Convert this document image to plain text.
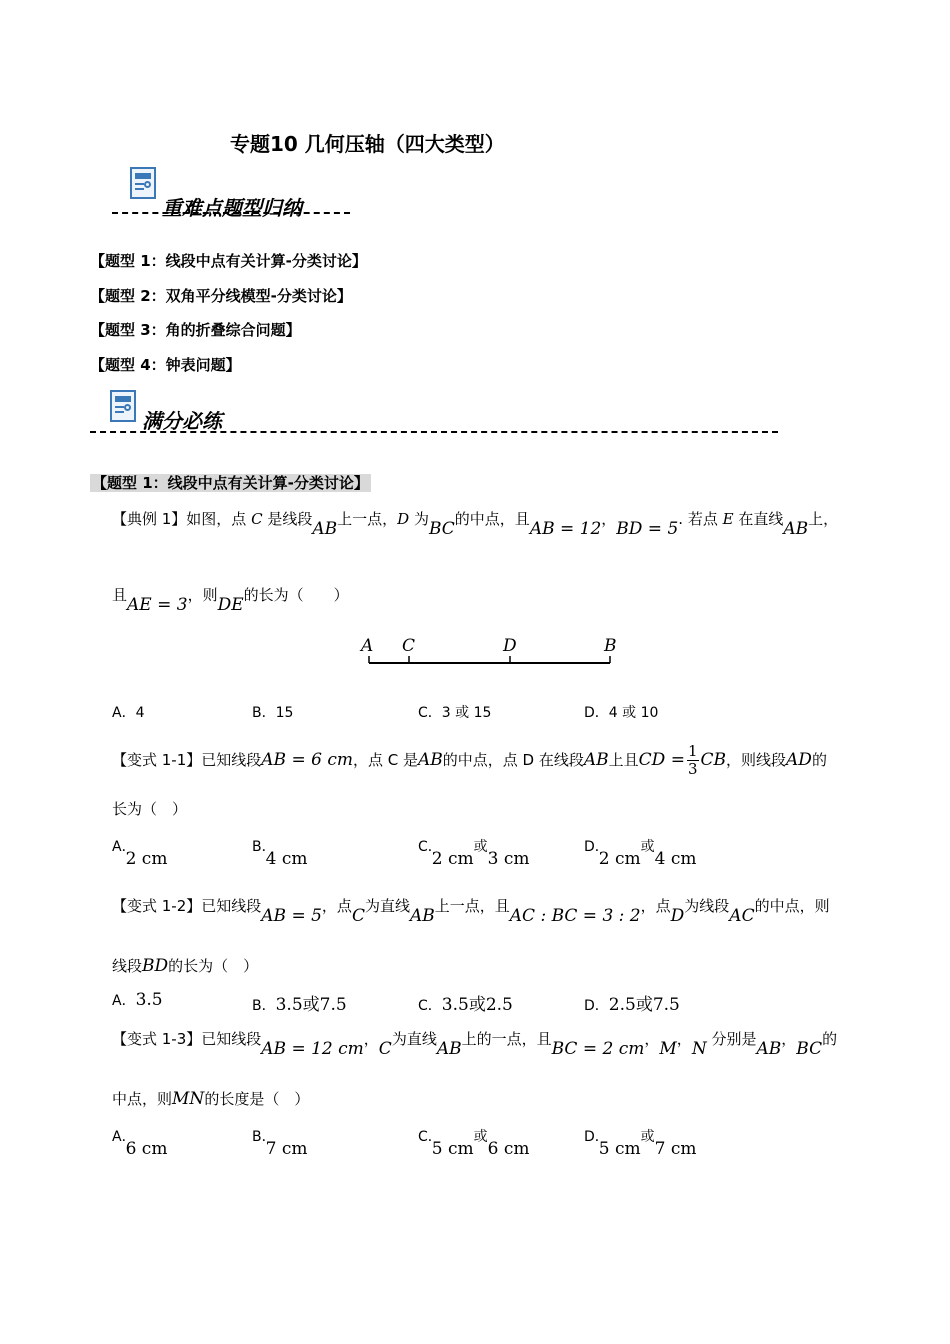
专题10 几何压轴（四大类型）
重难点题型归纳
【题型 1：线段中点有关计算-分类讨论】
【题型 2：双角平分线模型-分类讨论】
【题型 3：角的折叠综合问题】
【题型 4：钟表问题】
满分必练
【题型 1：线段中点有关计算-分类讨论】
【典例 1】如图，点 C 是线段AB上一点，D 为BC的中点，且AB = 12，BD = 5. 若点 E 在直线AB上，
且AE = 3，则DE的长为（　　）
A C	D	B
A．4	B．15	C．3 或 15	D．4 或 10
【变式 1-1】已知线段AB = 6 cm，点 C 是AB的中点，点 D 在线段AB上且CD = $\frac{1}{3}$ CB，则线段AD的
长为（　）
A．2 cm
B．4 cm
C．2 cm或3 cm
D．2 cm或4 cm
【变式 1-2】已知线段AB = 5，点C为直线AB上一点，且AC : BC = 3 : 2，点D为线段AC的中点，则
线段BD的长为（　）
A．3.5	B．3.5或7.5	C．3.5或2.5	D．2.5或7.5
【变式 1-3】已知线段AB = 12 cm，C为直线AB上的一点，且BC = 2 cm，M，N 分别是AB，BC的
中点，则MN的长度是（　）
A．6 cm
B．7 cm
C．5 cm或6 cm
D．5 cm或7 cm
